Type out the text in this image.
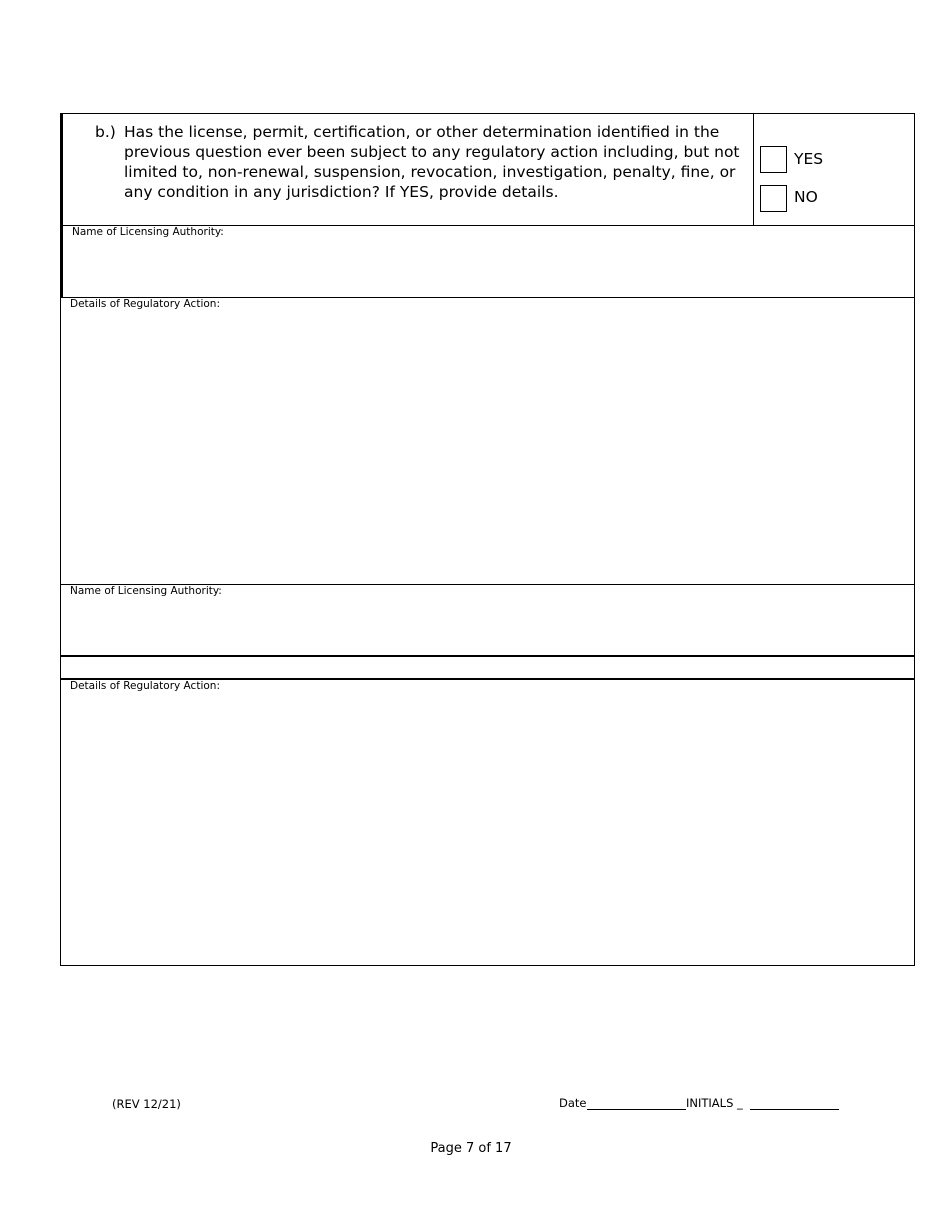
b.) Has the license, permit, certification, or other determination identified in the previous question ever been subject to any regulatory action including, but not limited to, non-renewal, suspension, revocation, investigation, penalty, fine, or any condition in any jurisdiction? If YES, provide details.
YES
NO
Name of Licensing Authority:
Details of Regulatory Action:
Name of Licensing Authority:
Details of Regulatory Action:
(REV 12/21)	Date	INITIALS _
Page 7 of 17
